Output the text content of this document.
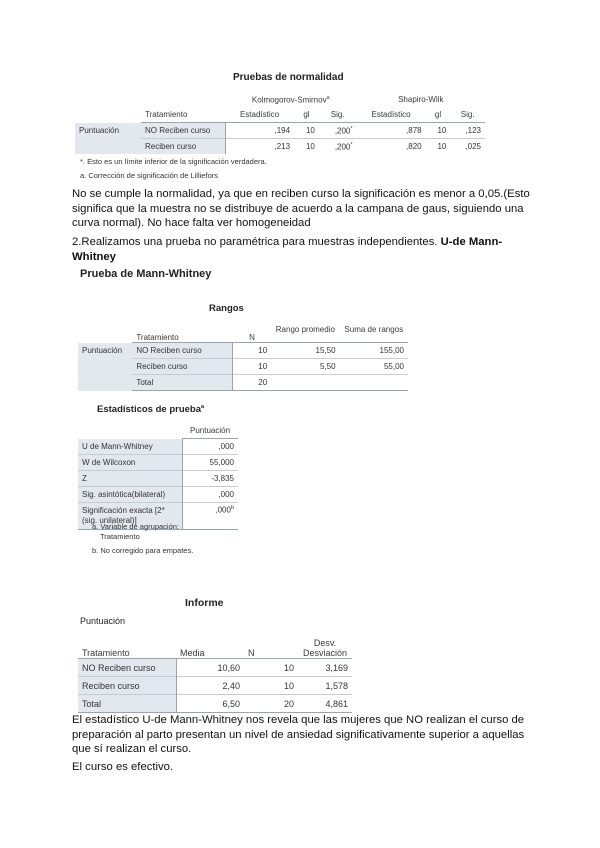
Pruebas de normalidad
		Kolmogorov-Smirnov$^a$			Shapiro-Wilk		
	Tratamiento	Estadístico	gl	Sig.	Estadístico	gl	Sig.
Puntuación	NO Reciben curso	,194	10	,200*	,878	10	,123
	Reciben curso	,213	10	,200*	,820	10	,025
*. Esto es un límite inferior de la significación verdadera.
a. Corrección de significación de Lilliefors
No se cumple la normalidad, ya que en reciben curso la significación es menor a 0,05.(Esto significa que la muestra no se distribuye de acuerdo a la campana de gaus, siguiendo una curva normal). No hace falta ver homogeneidad
2.Realizamos una prueba no paramétrica para muestras independientes. U-de Mann-Whitney
Prueba de Mann-Whitney
Rangos
	Tratamiento	N	Rango promedio	Suma de rangos
Puntuación	NO Reciben curso	10	15,50	155,00
	Reciben curso	10	5,50	55,00
	Total	20		
Estadísticos de prueba$^a$
	Puntuación
U de Mann-Whitney	,000
W de Wilcoxon	55,000
Z	-3,835
Sig. asintótica(bilateral)	,000
Significación exacta [2*
(sig. unilateral)]	,000$^b$
a. Variable de agrupación:
Tratamiento
b. No corregido para empates.
Informe
Puntuación
Tratamiento	Media	N	Desv.
Desviación
NO Reciben curso	10,60	10	3,169
Reciben curso	2,40	10	1,578
Total	6,50	20	4,861
El estadístico U-de Mann-Whitney nos revela que las mujeres que NO realizan el curso de preparación al parto presentan un nivel de ansiedad significativamente superior a aquellas que sí realizan el curso.
El curso es efectivo.
